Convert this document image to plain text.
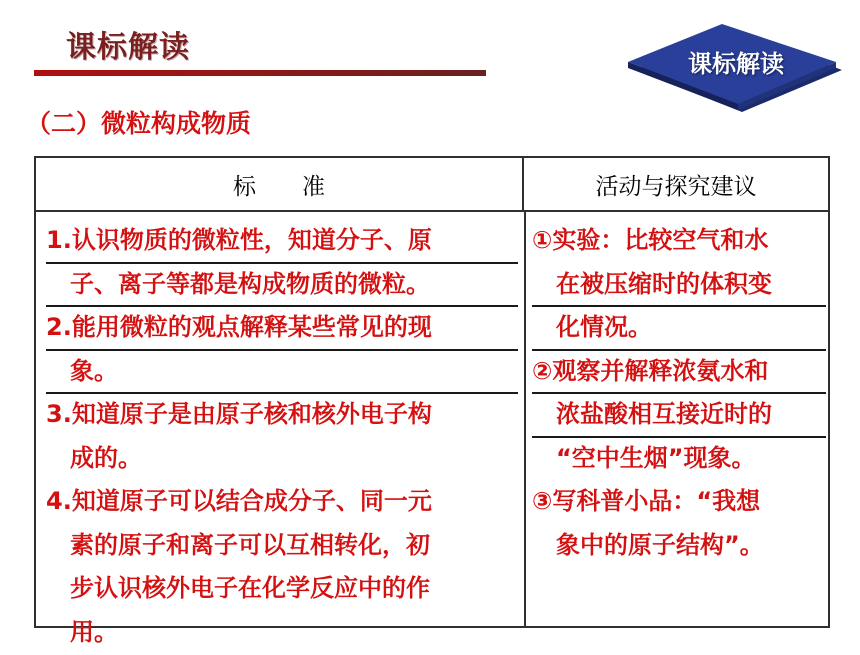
课标解读	课标解读
（二）微粒构成物质
标　　准	活动与探究建议
1.认识物质的微粒性，知道分子、原
　子、离子等都是构成物质的微粒。
2.能用微粒的观点解释某些常见的现
　象。
3.知道原子是由原子核和核外电子构
　成的。
4.知道原子可以结合成分子、同一元
　素的原子和离子可以互相转化，初
　步认识核外电子在化学反应中的作
　用。
①实验：比较空气和水
　在被压缩时的体积变
　化情况。
②观察并解释浓氨水和
　浓盐酸相互接近时的
　“空中生烟”现象。
③写科普小品：“我想
　象中的原子结构”。
